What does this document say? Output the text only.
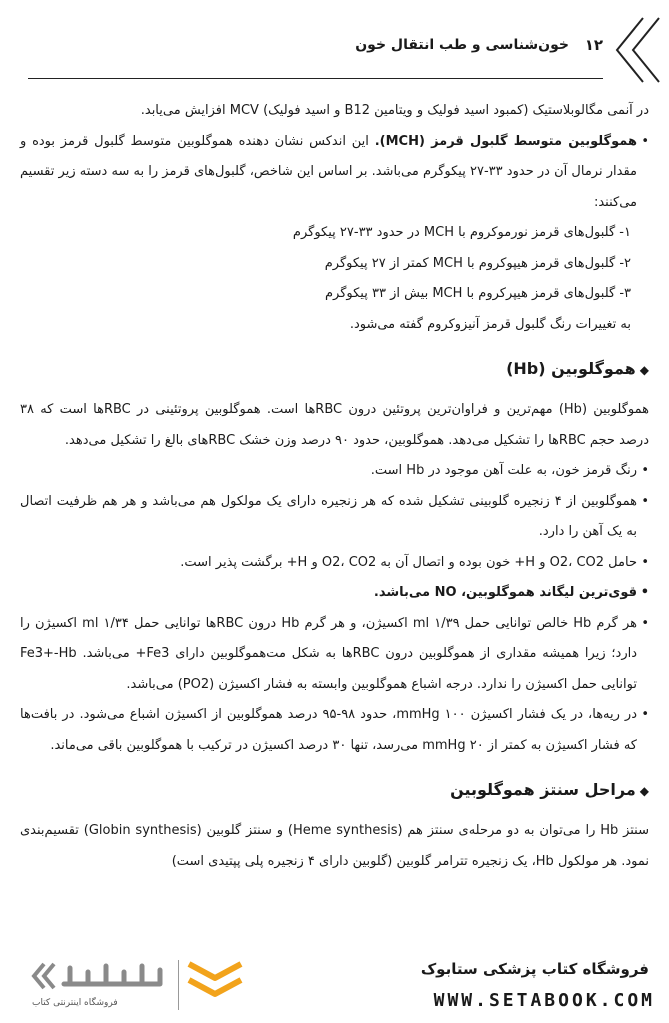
۱۲
خون‌شناسی و طب انتقال خون

در آنمی مگالوبلاستیک (کمبود اسید فولیک و ویتامین B12 و اسید فولیک) MCV افزایش می‌یابد.

• هموگلوبین متوسط گلبول قرمز (MCH). این اندکس نشان دهنده هموگلوبین متوسط گلبول قرمز بوده و مقدار نرمال آن در حدود ۳۳-۲۷ پیکوگرم می‌باشد. بر اساس این شاخص، گلبول‌های قرمز را به سه دسته زیر تقسیم می‌کنند:

۱- گلبول‌های قرمز نورموکروم با MCH در حدود ۳۳-۲۷ پیکوگرم

۲- گلبول‌های قرمز هیپوکروم با MCH کمتر از ۲۷ پیکوگرم

۳- گلبول‌های قرمز هیپرکروم با MCH بیش از ۳۳ پیکوگرم

به تغییرات رنگ گلبول قرمز آنیزوکروم گفته می‌شود.

◆هموگلوبین (Hb)

هموگلوبین (Hb) مهم‌ترین و فراوان‌ترین پروتئین درون RBCها است. هموگلوبین پروتئینی در RBCها است که ۳۸ درصد حجم RBCها را تشکیل می‌دهد. هموگلوبین، حدود ۹۰ درصد وزن خشک RBCهای بالغ را تشکیل می‌دهد.

• رنگ قرمز خون، به علت آهن موجود در Hb است.

• هموگلوبین از ۴ زنجیره گلوبینی تشکیل شده که هر زنجیره دارای یک مولکول هم می‌باشد و هر هم ظرفیت اتصال به یک آهن را دارد.

• حامل O2، CO2 و H+ خون بوده و اتصال آن به O2، CO2 و H+ برگشت پذیر است.

• قوی‌ترین لیگاند هموگلوبین، NO می‌باشد.

• هر گرم Hb خالص توانایی حمل ml ۱/۳۹ اکسیژن، و هر گرم Hb درون RBCها توانایی حمل ml ۱/۳۴ اکسیژن را دارد؛ زیرا همیشه مقداری از هموگلوبین درون RBCها به شکل مت‌هموگلوبین دارای Fe3+ می‌باشد. Fe3+-Hb توانایی حمل اکسیژن را ندارد. درجه اشباع هموگلوبین وابسته به فشار اکسیژن (PO2) می‌باشد.

• در ریه‌ها، در یک فشار اکسیژن mmHg ۱۰۰، حدود ۹۸-۹۵ درصد هموگلوبین از اکسیژن اشباع می‌شود. در بافت‌ها که فشار اکسیژن به کمتر از mmHg ۲۰ می‌رسد، تنها ۳۰ درصد اکسیژن در ترکیب با هموگلوبین باقی می‌ماند.

◆مراحل سنتز هموگلوبین

سنتز Hb را می‌توان به دو مرحله‌ی سنتز هم (Heme synthesis) و سنتز گلوبین (Globin synthesis) تقسیم‌بندی نمود. هر مولکول Hb، یک زنجیره تترامر گلوبین (گلوبین دارای ۴ زنجیره پلی پپتیدی است)

فروشگاه کتاب پزشکی ستابوک
WWW.SETABOOK.COM
فروشگاه اینترنتی کتاب
